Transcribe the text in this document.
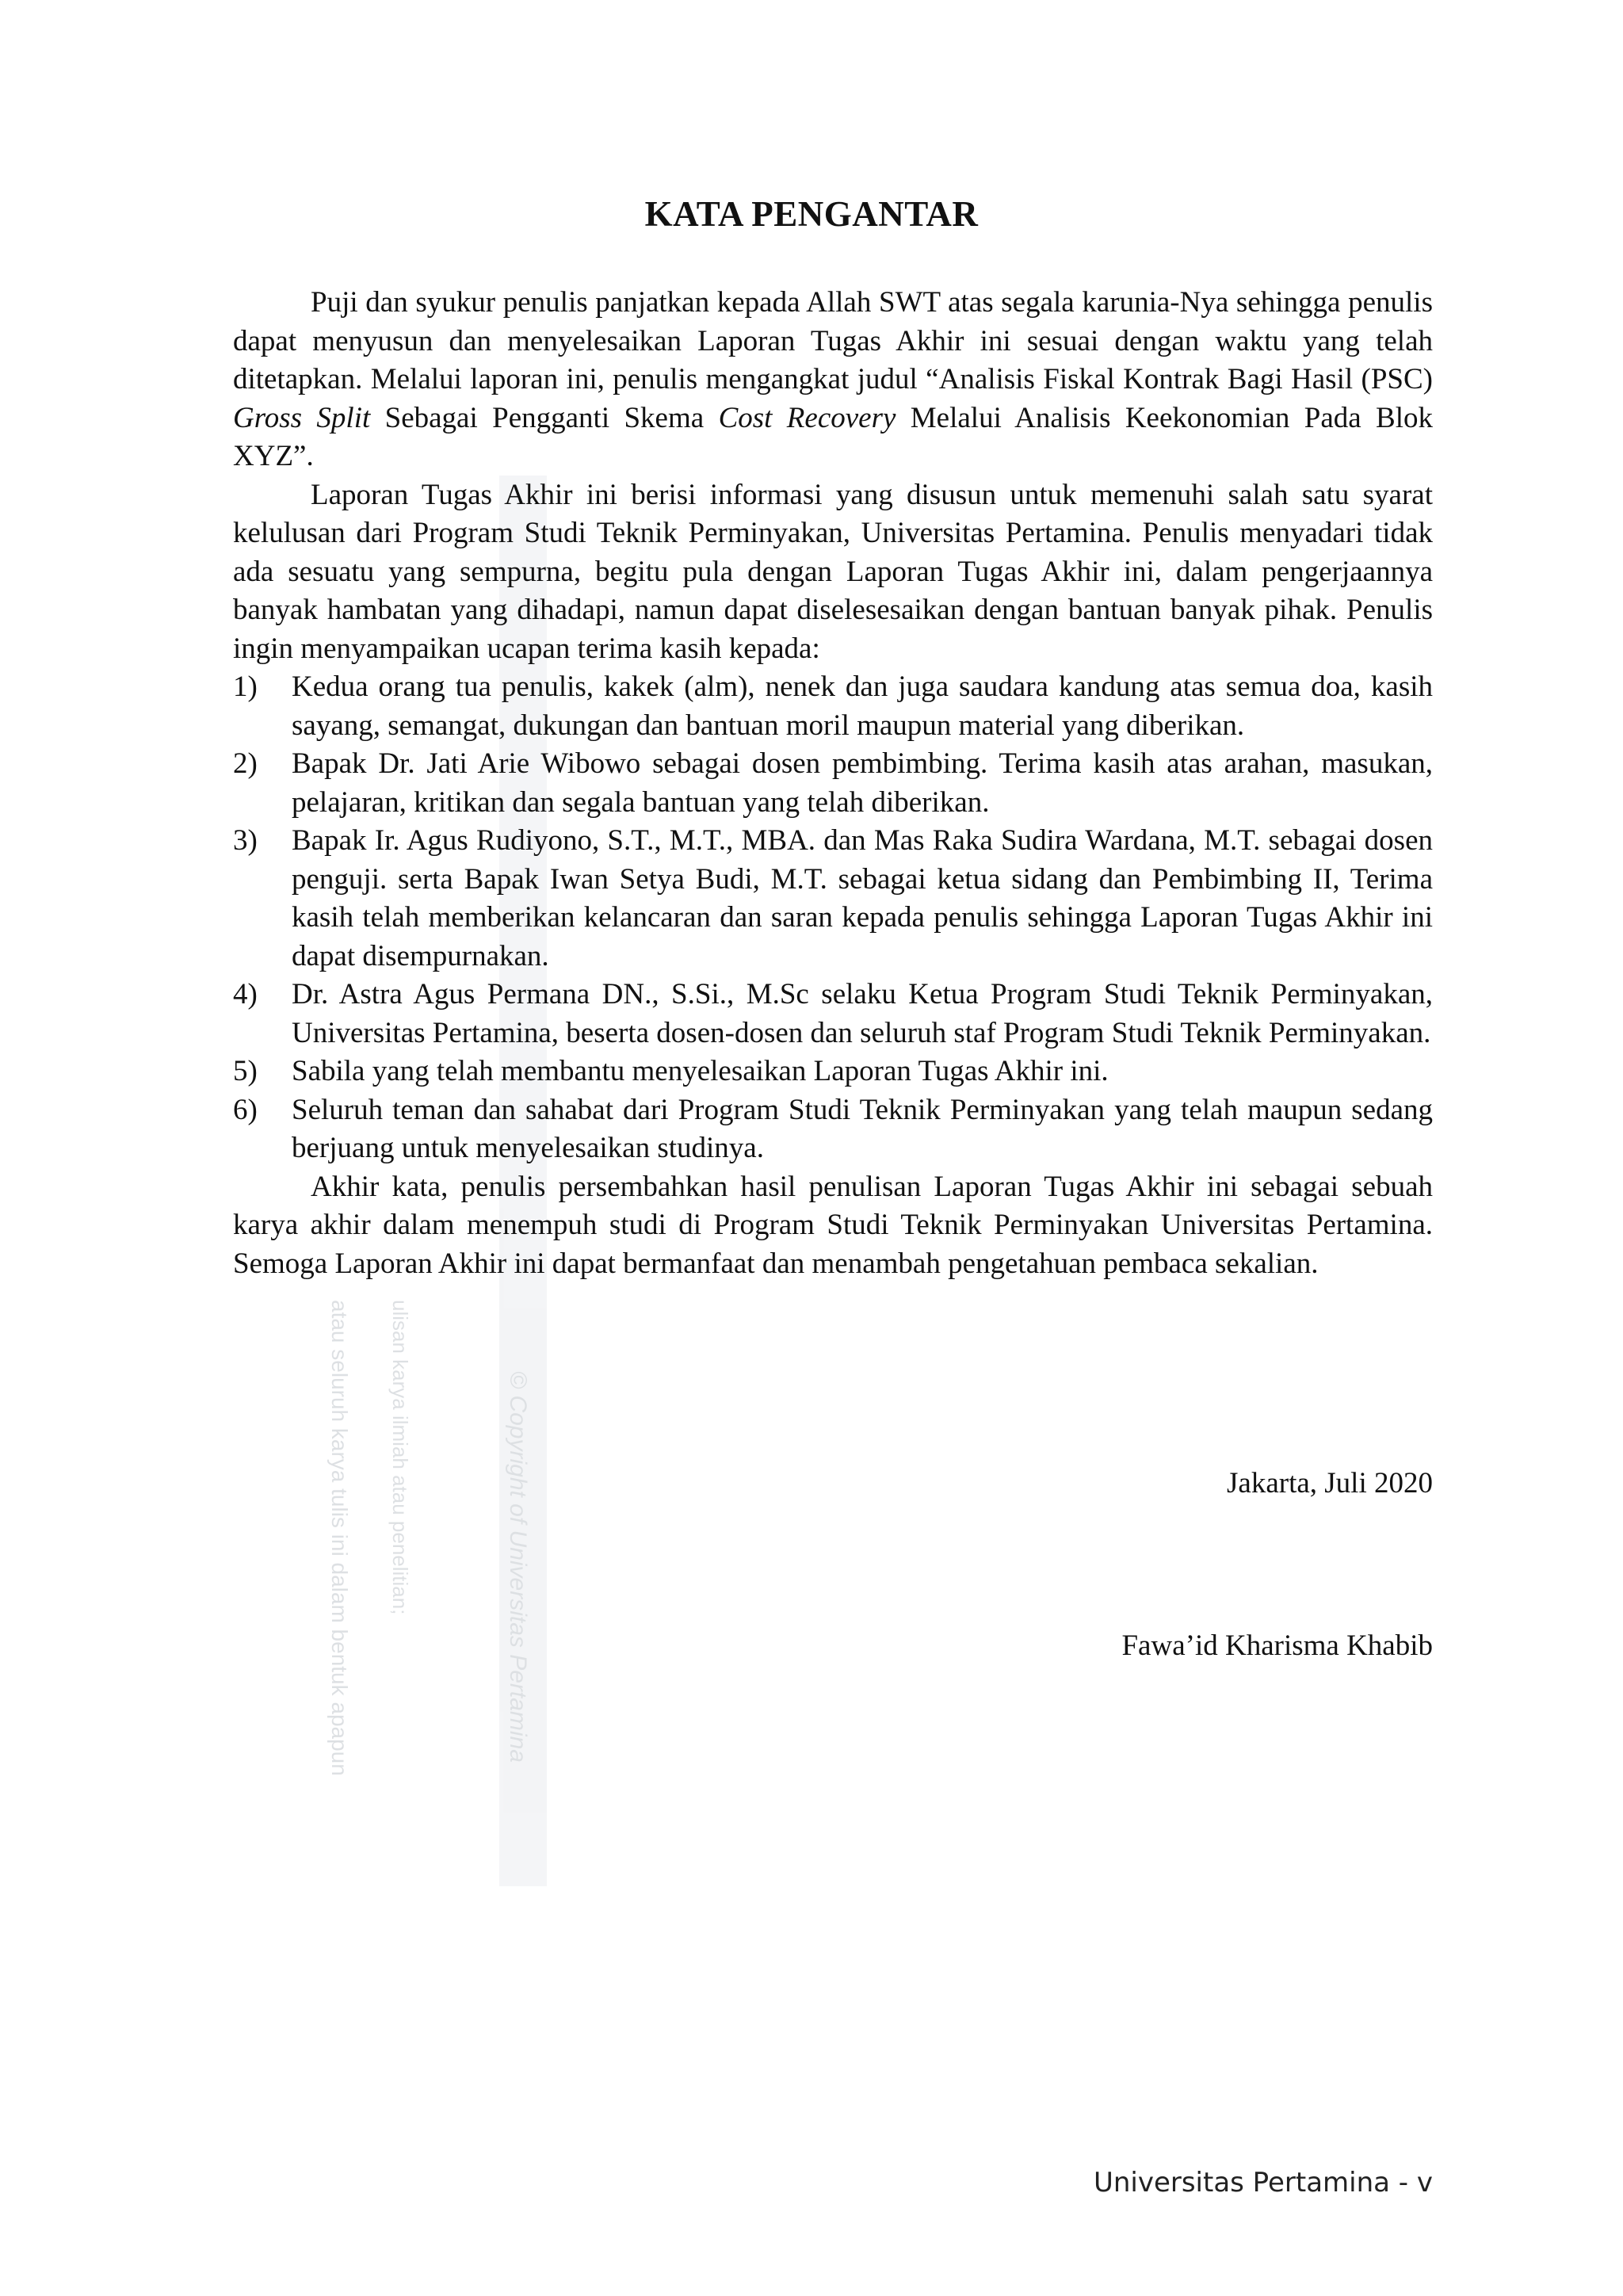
atau seluruh karya tulis ini dalam bentuk apapun ulisan karya ilmiah atau penelitian;	© Copyright of Universitas Pertamina
KATA PENGANTAR

Puji dan syukur penulis panjatkan kepada Allah SWT atas segala karunia-Nya sehingga penulis dapat menyusun dan menyelesaikan Laporan Tugas Akhir ini sesuai dengan waktu yang telah ditetapkan. Melalui laporan ini, penulis mengangkat judul “Analisis Fiskal Kontrak Bagi Hasil (PSC) Gross Split Sebagai Pengganti Skema Cost Recovery Melalui Analisis Keekonomian Pada Blok XYZ”.

Laporan Tugas Akhir ini berisi informasi yang disusun untuk memenuhi salah satu syarat kelulusan dari Program Studi Teknik Perminyakan, Universitas Pertamina. Penulis menyadari tidak ada sesuatu yang sempurna, begitu pula dengan Laporan Tugas Akhir ini, dalam pengerjaannya banyak hambatan yang dihadapi, namun dapat diselesesaikan dengan bantuan banyak pihak. Penulis ingin menyampaikan ucapan terima kasih kepada:

1) Kedua orang tua penulis, kakek (alm), nenek dan juga saudara kandung atas semua doa, kasih sayang, semangat, dukungan dan bantuan moril maupun material yang diberikan.
2) Bapak Dr. Jati Arie Wibowo sebagai dosen pembimbing. Terima kasih atas arahan, masukan, pelajaran, kritikan dan segala bantuan yang telah diberikan.
3) Bapak Ir. Agus Rudiyono, S.T., M.T., MBA. dan Mas Raka Sudira Wardana, M.T. sebagai dosen penguji. serta Bapak Iwan Setya Budi, M.T. sebagai ketua sidang dan Pembimbing II, Terima kasih telah memberikan kelancaran dan saran kepada penulis sehingga Laporan Tugas Akhir ini dapat disempurnakan.
4) Dr. Astra Agus Permana DN., S.Si., M.Sc selaku Ketua Program Studi Teknik Perminyakan, Universitas Pertamina, beserta dosen-dosen dan seluruh staf Program Studi Teknik Perminyakan.
5) Sabila yang telah membantu menyelesaikan Laporan Tugas Akhir ini.
6) Seluruh teman dan sahabat dari Program Studi Teknik Perminyakan yang telah maupun sedang berjuang untuk menyelesaikan studinya.

Akhir kata, penulis persembahkan hasil penulisan Laporan Tugas Akhir ini sebagai sebuah karya akhir dalam menempuh studi di Program Studi Teknik Perminyakan Universitas Pertamina. Semoga Laporan Akhir ini dapat bermanfaat dan menambah pengetahuan pembaca sekalian.

Jakarta, Juli 2020
Fawa’id Kharisma Khabib
Universitas Pertamina - v
